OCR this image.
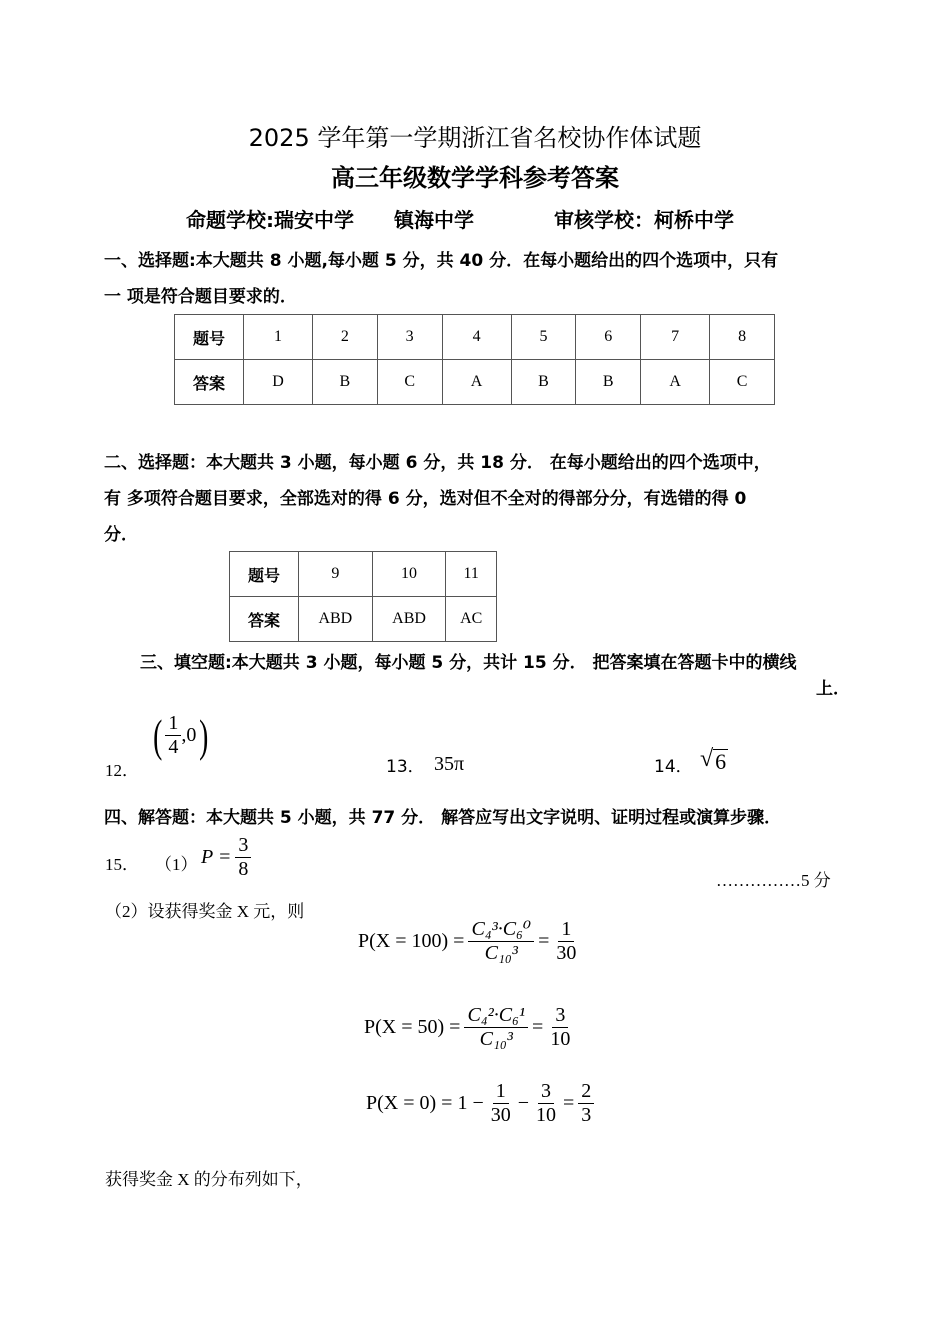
2025 学年第一学期浙江省名校协作体试题
高三年级数学学科参考答案
命题学校:瑞安中学　　镇海中学　　　　审核学校：柯桥中学
一、选择题:本大题共 8 小题,每小题 5 分，共 40 分．在每小题给出的四个选项中，只有
一 项是符合题目要求的．
题号	1	2	3	4	5	6	7	8
答案	D	B	C	A	B	B	A	C
二、选择题：本大题共 3 小题，每小题 6 分，共 18 分． 在每小题给出的四个选项中，
有 多项符合题目要求，全部选对的得 6 分，选对但不全对的得部分分，有选错的得 0
分．
题号	9	10	11
答案	ABD	ABD	AC
三、填空题:本大题共 3 小题，每小题 5 分，共计 15 分． 把答案填在答题卡中的横线
上．
12．
( $\frac{1}{4} ,0$ )
13． 35π	14． √ 6
四、解答题：本大题共 5 小题，共 77 分． 解答应写出文字说明、证明过程或演算步骤．
15． （1） $P = \frac{3}{8}$	……………5 分
（2）设获得奖金 X 元，则
$P(X = 100) = \frac{\text{C₄³·C₆⁰}}{\text{C₁₀³}} = \frac{1}{30}$
$P(X = 50) = \frac{\text{C₄²·C₆¹}}{\text{C₁₀³}} = \frac{3}{10}$
$P(X = 0) = 1 - \frac{1}{30} - \frac{3}{10} = \frac{2}{3}$
获得奖金 X 的分布列如下，
